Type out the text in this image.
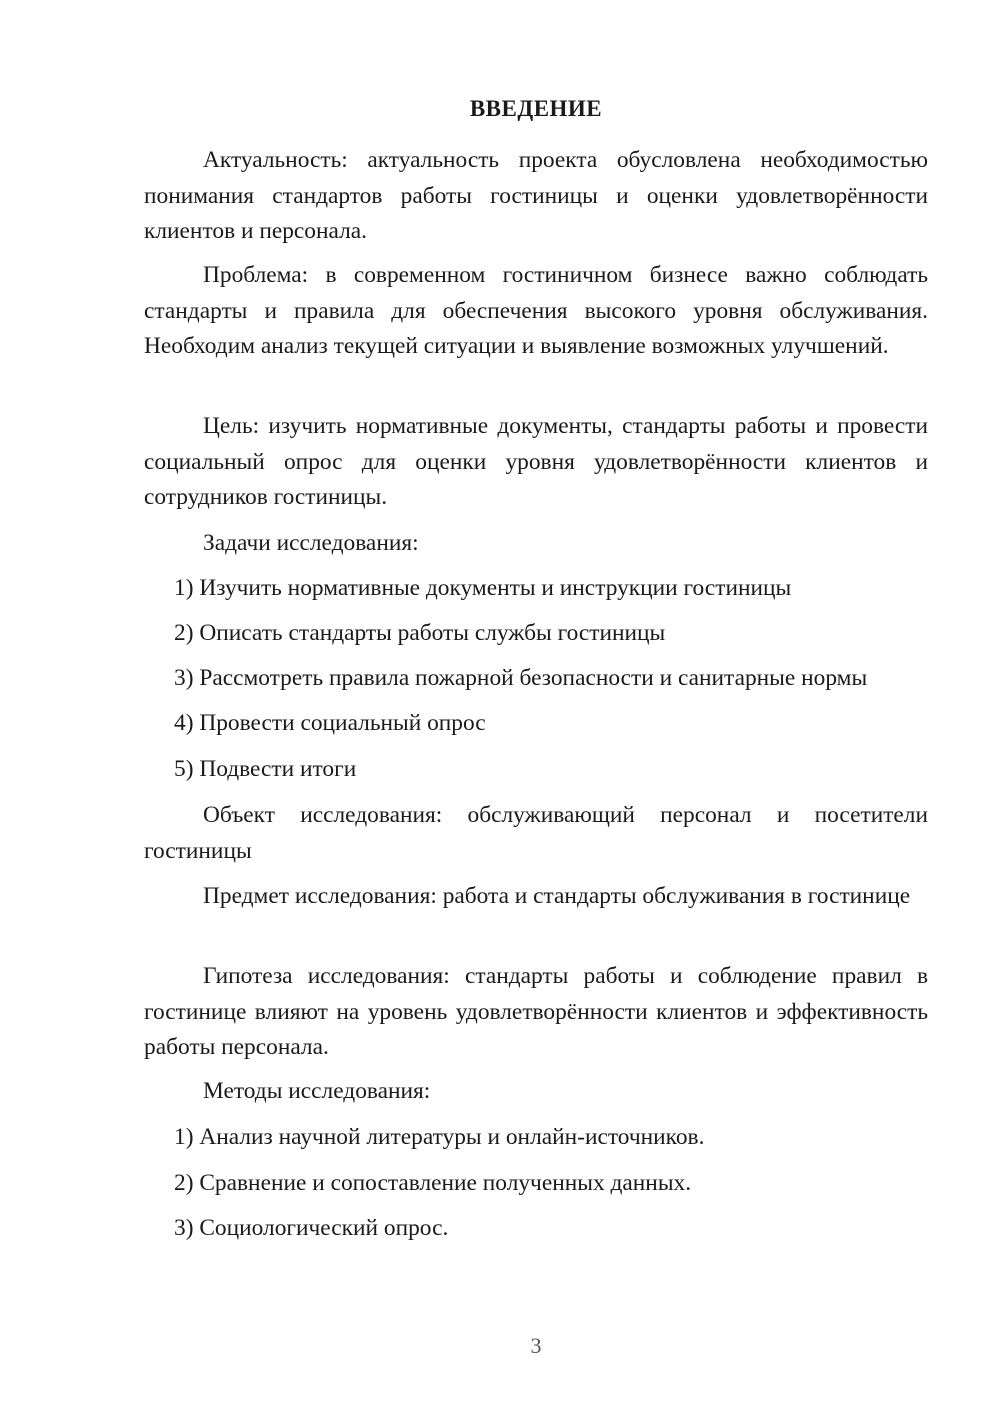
ВВЕДЕНИЕ

Актуальность: актуальность проекта обусловлена необходимостью понимания стандартов работы гостиницы и оценки удовлетворённости клиентов и персонала.

Проблема: в современном гостиничном бизнесе важно соблюдать стандарты и правила для обеспечения высокого уровня обслуживания. Необходим анализ текущей ситуации и выявление возможных улучшений.

Цель: изучить нормативные документы, стандарты работы и провести социальный опрос для оценки уровня удовлетворённости клиентов и сотрудников гостиницы.

Задачи исследования:

1) Изучить нормативные документы и инструкции гостиницы

2) Описать стандарты работы службы гостиницы

3) Рассмотреть правила пожарной безопасности и санитарные нормы

4) Провести социальный опрос

5) Подвести итоги

Объект исследования: обслуживающий персонал и посетители гостиницы

Предмет исследования: работа и стандарты обслуживания в гостинице

Гипотеза исследования: стандарты работы и соблюдение правил в гостинице влияют на уровень удовлетворённости клиентов и эффективность работы персонала.

Методы исследования:

1) Анализ научной литературы и онлайн-источников.

2) Сравнение и сопоставление полученных данных.

3) Социологический опрос.

3
